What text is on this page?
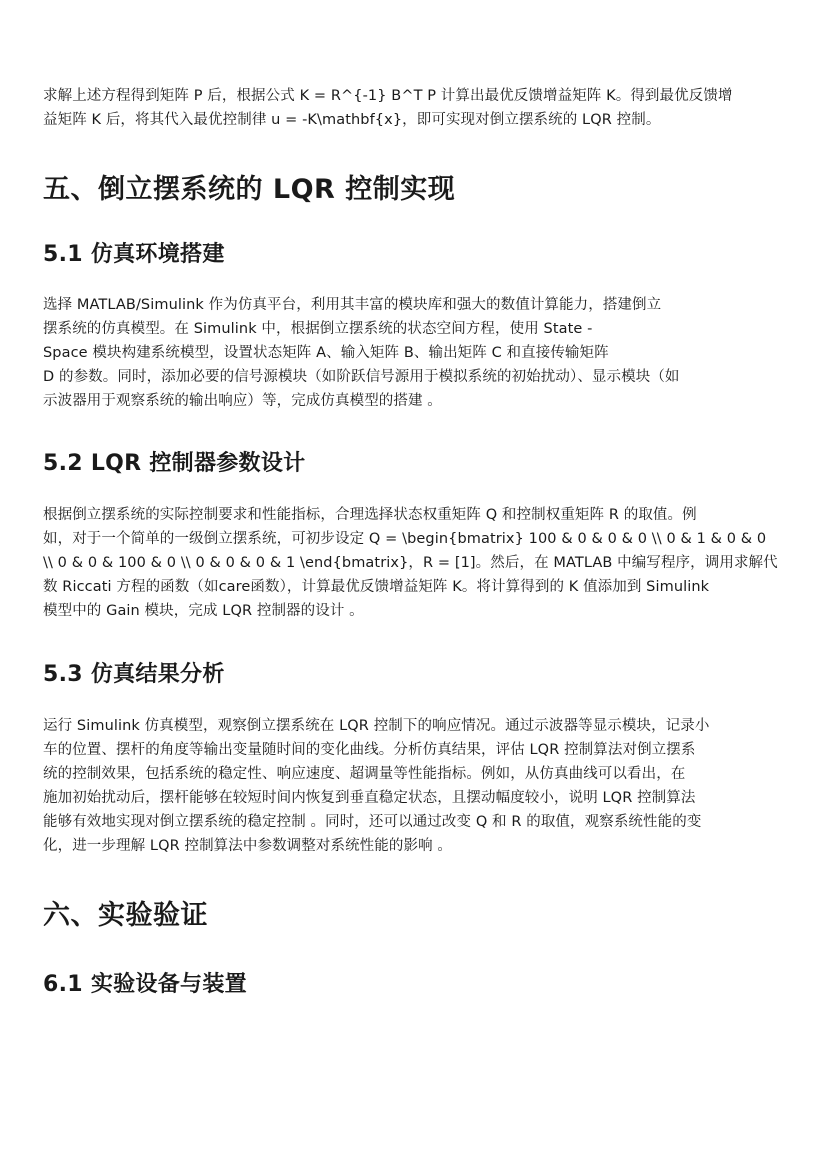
求解上述方程得到矩阵 P 后，根据公式 K = R^{-1} B^T P 计算出最优反馈增益矩阵 K。得到最优反馈增
益矩阵 K 后，将其代入最优控制律 u = -K\mathbf{x}，即可实现对倒立摆系统的 LQR 控制。

五、倒立摆系统的 LQR 控制实现
5.1 仿真环境搭建

选择 MATLAB/Simulink 作为仿真平台，利用其丰富的模块库和强大的数值计算能力，搭建倒立
摆系统的仿真模型。在 Simulink 中，根据倒立摆系统的状态空间方程，使用 State -
Space 模块构建系统模型，设置状态矩阵 A、输入矩阵 B、输出矩阵 C 和直接传输矩阵
D 的参数。同时，添加必要的信号源模块（如阶跃信号源用于模拟系统的初始扰动）、显示模块（如
示波器用于观察系统的输出响应）等，完成仿真模型的搭建 。

5.2 LQR 控制器参数设计

根据倒立摆系统的实际控制要求和性能指标，合理选择状态权重矩阵 Q 和控制权重矩阵 R 的取值。例
如，对于一个简单的一级倒立摆系统，可初步设定 Q = \begin{bmatrix} 100 & 0 & 0 & 0 \\ 0 & 1 & 0 & 0
\\ 0 & 0 & 100 & 0 \\ 0 & 0 & 0 & 1 \end{bmatrix}，R = [1]。然后，在 MATLAB 中编写程序，调用求解代
数 Riccati 方程的函数（如care函数），计算最优反馈增益矩阵 K。将计算得到的 K 值添加到 Simulink
模型中的 Gain 模块，完成 LQR 控制器的设计 。

5.3 仿真结果分析

运行 Simulink 仿真模型，观察倒立摆系统在 LQR 控制下的响应情况。通过示波器等显示模块，记录小
车的位置、摆杆的角度等输出变量随时间的变化曲线。分析仿真结果，评估 LQR 控制算法对倒立摆系
统的控制效果，包括系统的稳定性、响应速度、超调量等性能指标。例如，从仿真曲线可以看出，在
施加初始扰动后，摆杆能够在较短时间内恢复到垂直稳定状态，且摆动幅度较小，说明 LQR 控制算法
能够有效地实现对倒立摆系统的稳定控制 。同时，还可以通过改变 Q 和 R 的取值，观察系统性能的变
化，进一步理解 LQR 控制算法中参数调整对系统性能的影响 。

六、实验验证
6.1 实验设备与装置
